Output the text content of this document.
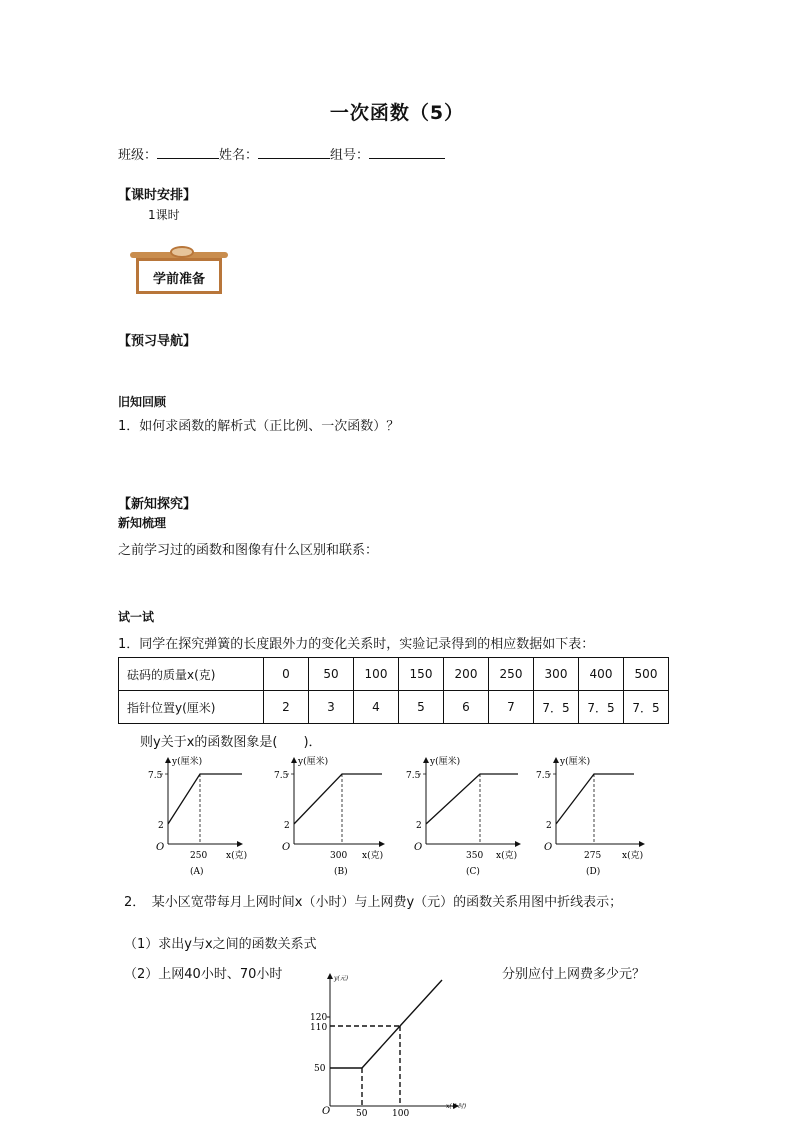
一次函数（5）
班级：	姓名：	组号：
【课时安排】
1课时
学前准备
【预习导航】
旧知回顾
1．如何求函数的解析式（正比例、一次函数）？
【新知探究】
新知梳理
之前学习过的函数和图像有什么区别和联系：
试一试
1．同学在探究弹簧的长度跟外力的变化关系时，实验记录得到的相应数据如下表：
砝码的质量x(克)	0	50	100	150	200	250	300	400	500
指针位置y(厘米)	2	3	4	5	6	7	7．5	7．5	7．5
则y关于x的函数图象是(　　)．
y(厘米)
7.5
2
O
250 x(克)
(A)
y(厘米)
7.5
2
O
300 x(克)
(B)
y(厘米)
7.5
2
O
350 x(克)
(C)
y(厘米)
7.5
2
O
275 x(克)
(D)
2．　某小区宽带每月上网时间x（小时）与上网费y（元）的函数关系用图中折线表示；
（1）求出y与x之间的函数关系式
（2）上网40小时、70小时	分别应付上网费多少元？
y(元)
120
110
50
O	50	100
x(小时)
